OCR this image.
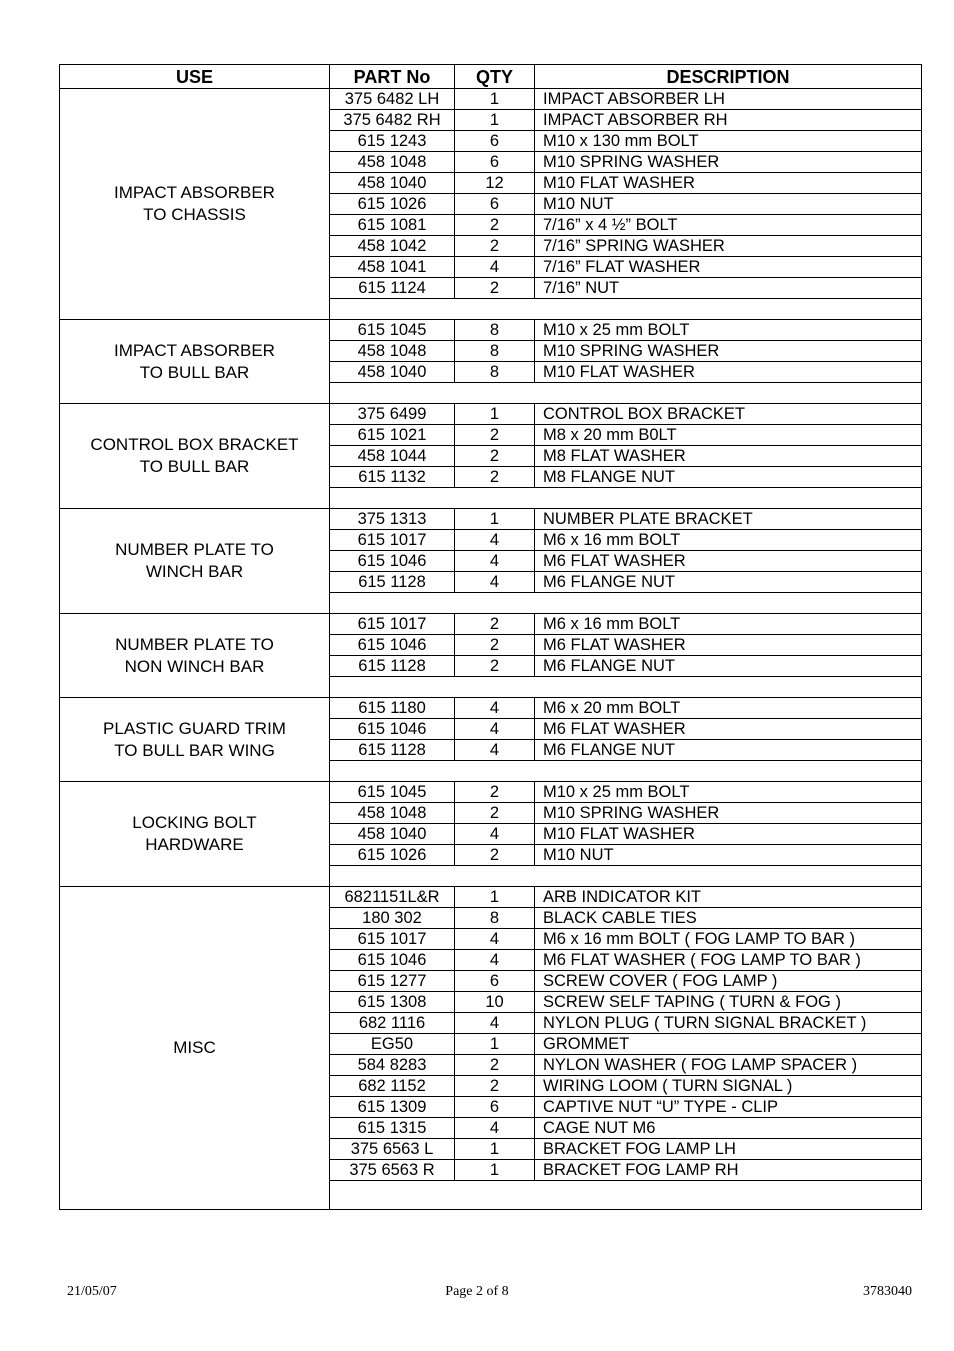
USE	PART No	QTY	DESCRIPTION

IMPACT ABSORBER
TO CHASSIS	375 6482 LH	1	IMPACT ABSORBER LH
	375 6482 RH	1	IMPACT ABSORBER RH
	615 1243	6	M10 x 130 mm BOLT
	458 1048	6	M10 SPRING WASHER
	458 1040	12	M10 FLAT WASHER
	615 1026	6	M10 NUT
	615 1081	2	7/16” x 4 ½” BOLT
	458 1042	2	7/16” SPRING WASHER
	458 1041	4	7/16” FLAT WASHER
	615 1124	2	7/16” NUT

IMPACT ABSORBER
TO BULL BAR	615 1045	8	M10 x 25 mm BOLT
	458 1048	8	M10 SPRING WASHER
	458 1040	8	M10 FLAT WASHER

CONTROL BOX BRACKET
TO BULL BAR	375 6499	1	CONTROL BOX BRACKET
	615 1021	2	M8 x 20 mm B0LT
	458 1044	2	M8 FLAT WASHER
	615 1132	2	M8 FLANGE NUT

NUMBER PLATE TO
WINCH BAR	375 1313	1	NUMBER PLATE BRACKET
	615 1017	4	M6 x 16 mm BOLT
	615 1046	4	M6 FLAT WASHER
	615 1128	4	M6 FLANGE NUT

NUMBER PLATE TO
NON WINCH BAR	615 1017	2	M6 x 16 mm BOLT
	615 1046	2	M6 FLAT WASHER
	615 1128	2	M6 FLANGE NUT

PLASTIC GUARD TRIM
TO BULL BAR WING	615 1180	4	M6 x 20 mm BOLT
	615 1046	4	M6 FLAT WASHER
	615 1128	4	M6 FLANGE NUT

LOCKING BOLT
HARDWARE	615 1045	2	M10 x 25 mm BOLT
	458 1048	2	M10 SPRING WASHER
	458 1040	4	M10 FLAT WASHER
	615 1026	2	M10 NUT

MISC	6821151L&R	1	ARB INDICATOR KIT
	180 302	8	BLACK CABLE TIES
	615 1017	4	M6 x 16 mm BOLT ( FOG LAMP TO BAR )
	615 1046	4	M6 FLAT WASHER ( FOG LAMP TO BAR )
	615 1277	6	SCREW COVER ( FOG LAMP )
	615 1308	10	SCREW SELF TAPING ( TURN & FOG )
	682 1116	4	NYLON PLUG ( TURN SIGNAL BRACKET )
	EG50	1	GROMMET
	584 8283	2	NYLON WASHER ( FOG LAMP SPACER )
	682 1152	2	WIRING LOOM ( TURN SIGNAL )
	615 1309	6	CAPTIVE NUT “U” TYPE - CLIP
	615 1315	4	CAGE NUT M6
	375 6563 L	1	BRACKET FOG LAMP LH
	375 6563 R	1	BRACKET FOG LAMP RH

21/05/07	Page 2 of 8	3783040
